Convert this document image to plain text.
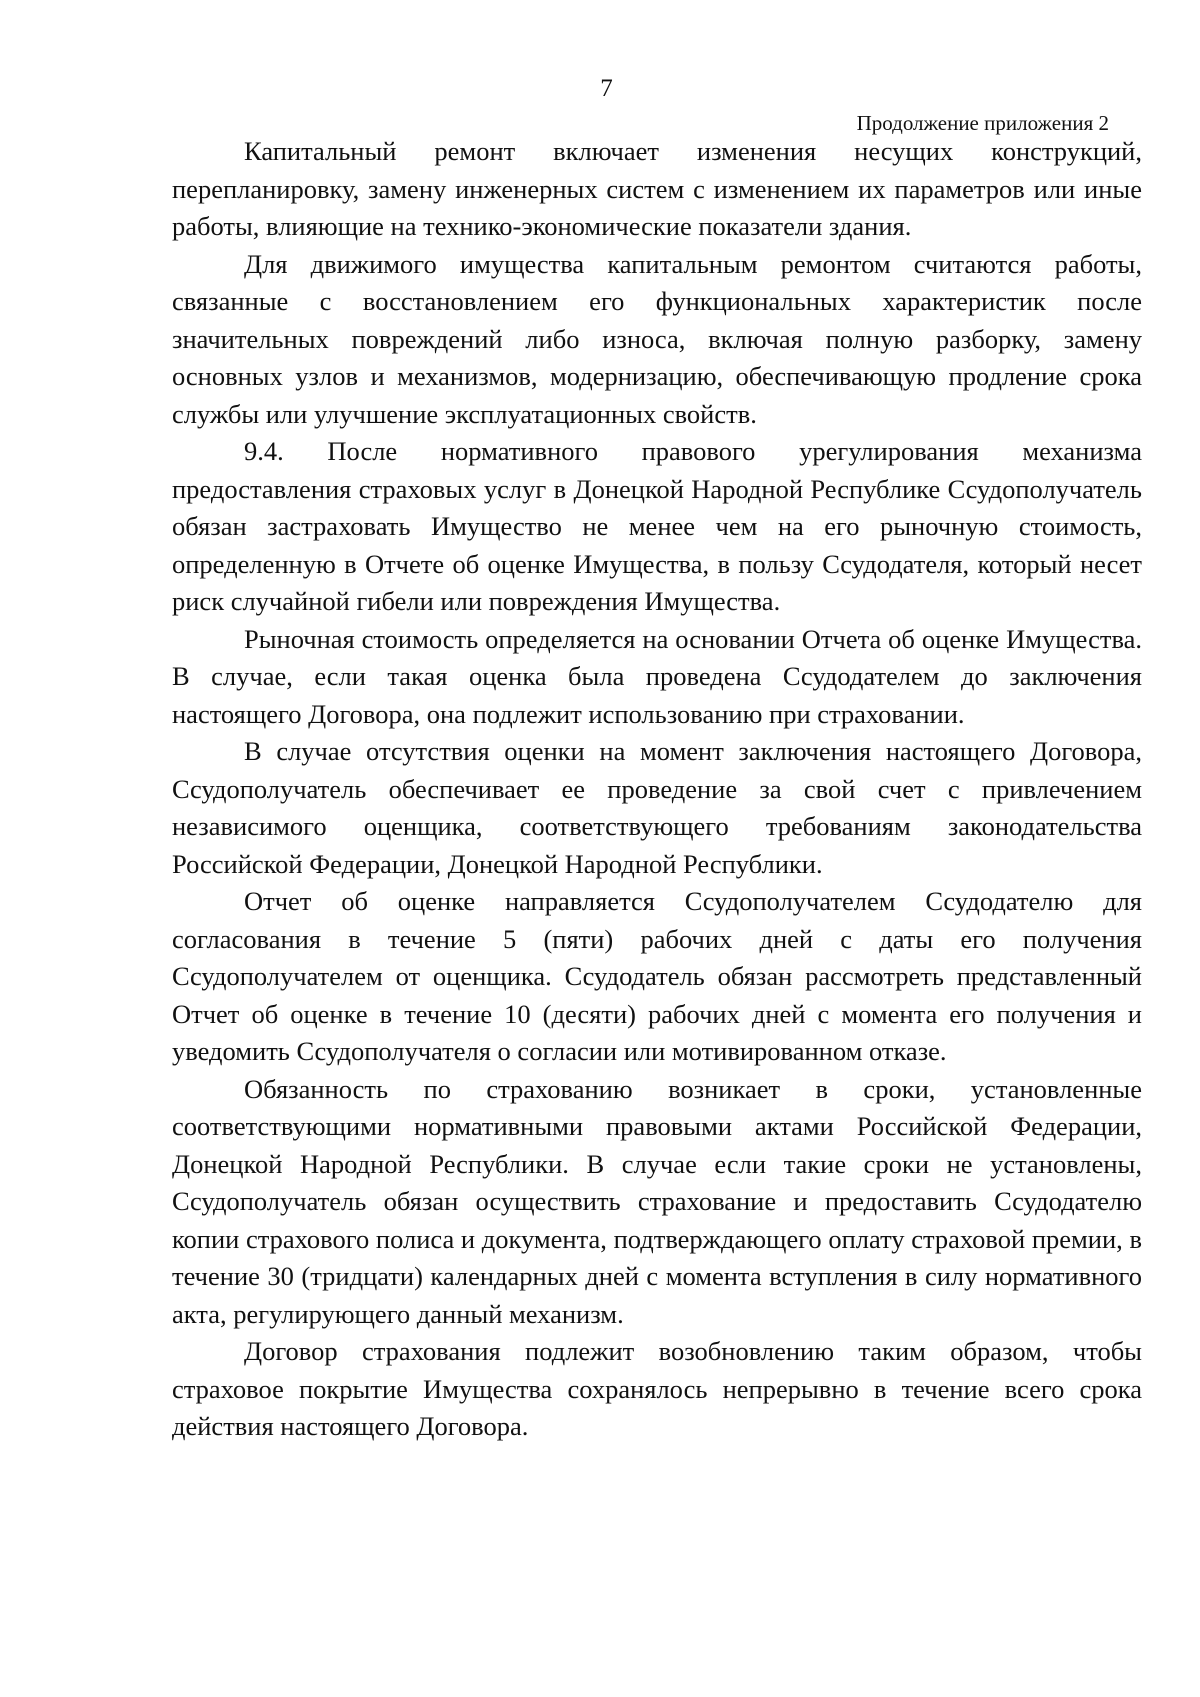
7
Продолжение приложения 2

Капитальный ремонт включает изменения несущих конструкций, перепланировку, замену инженерных систем с изменением их параметров или иные работы, влияющие на технико-экономические показатели здания.

Для движимого имущества капитальным ремонтом считаются работы, связанные с восстановлением его функциональных характеристик после значительных повреждений либо износа, включая полную разборку, замену основных узлов и механизмов, модернизацию, обеспечивающую продление срока службы или улучшение эксплуатационных свойств.

9.4. После нормативного правового урегулирования механизма предоставления страховых услуг в Донецкой Народной Республике Ссудополучатель обязан застраховать Имущество не менее чем на его рыночную стоимость, определенную в Отчете об оценке Имущества, в пользу Ссудодателя, который несет риск случайной гибели или повреждения Имущества.

Рыночная стоимость определяется на основании Отчета об оценке Имущества. В случае, если такая оценка была проведена Ссудодателем до заключения настоящего Договора, она подлежит использованию при страховании.

В случае отсутствия оценки на момент заключения настоящего Договора, Ссудополучатель обеспечивает ее проведение за свой счет с привлечением независимого оценщика, соответствующего требованиям законодательства Российской Федерации, Донецкой Народной Республики.

Отчет об оценке направляется Ссудополучателем Ссудодателю для согласования в течение 5 (пяти) рабочих дней с даты его получения Ссудополучателем от оценщика. Ссудодатель обязан рассмотреть представленный Отчет об оценке в течение 10 (десяти) рабочих дней с момента его получения и уведомить Ссудополучателя о согласии или мотивированном отказе.

Обязанность по страхованию возникает в сроки, установленные соответствующими нормативными правовыми актами Российской Федерации, Донецкой Народной Республики. В случае если такие сроки не установлены, Ссудополучатель обязан осуществить страхование и предоставить Ссудодателю копии страхового полиса и документа, подтверждающего оплату страховой премии, в течение 30 (тридцати) календарных дней с момента вступления в силу нормативного акта, регулирующего данный механизм.

Договор страхования подлежит возобновлению таким образом, чтобы страховое покрытие Имущества сохранялось непрерывно в течение всего срока действия настоящего Договора.
